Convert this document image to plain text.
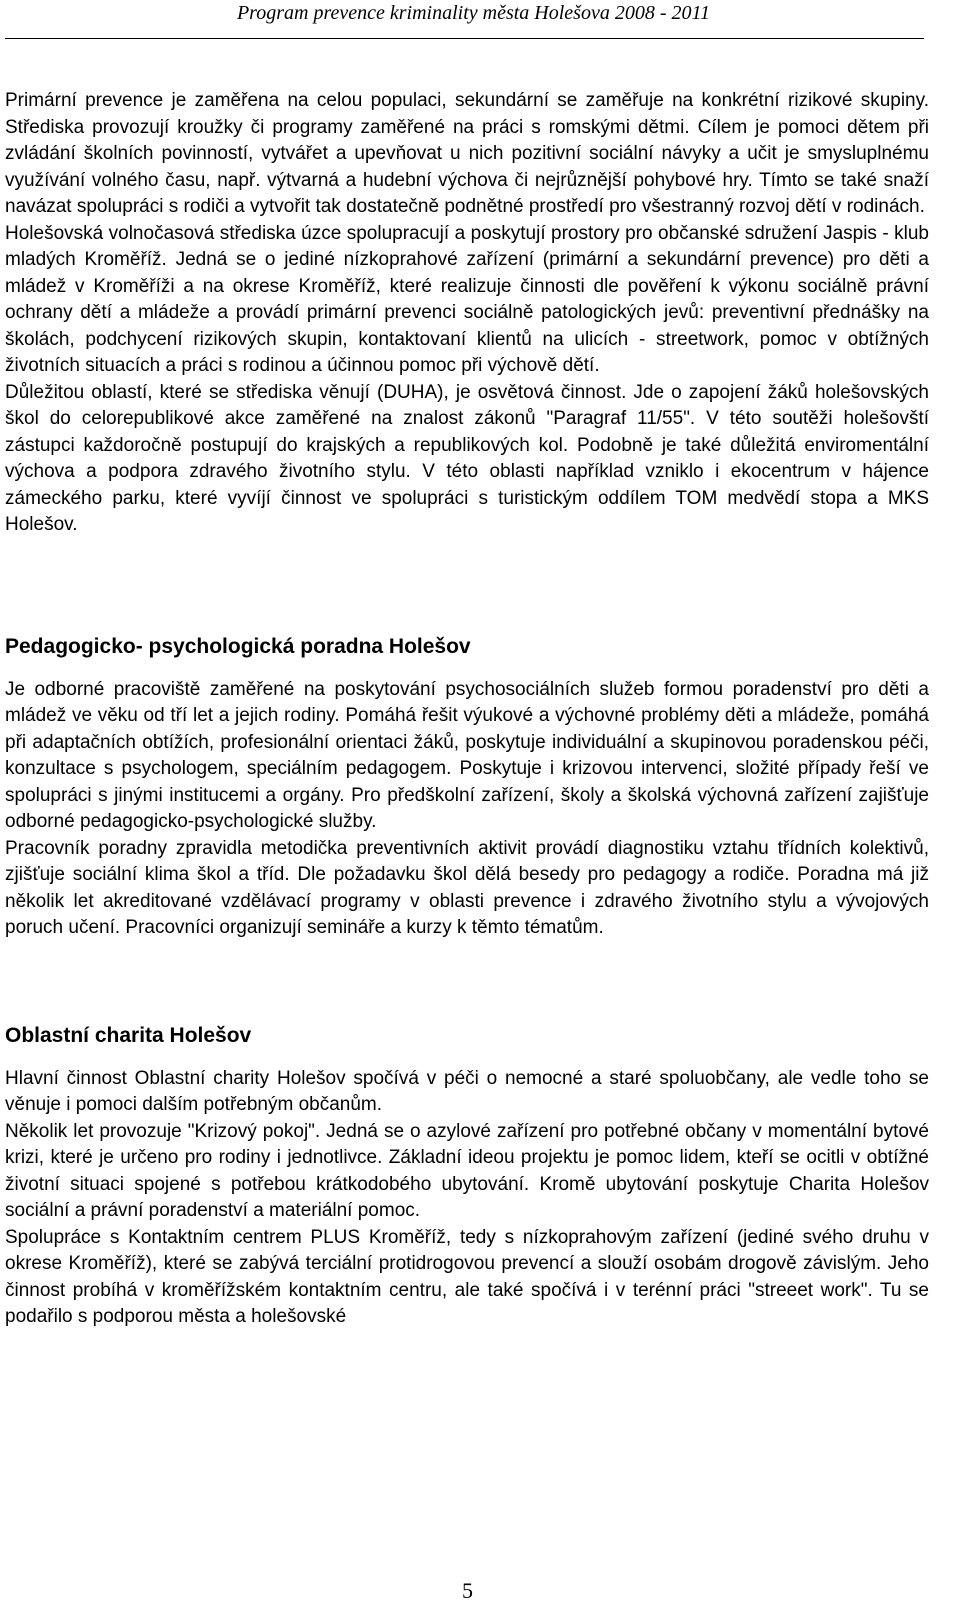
Program prevence kriminality města Holešova 2008 - 2011

Primární prevence je zaměřena na celou populaci, sekundární se zaměřuje na konkrétní rizikové skupiny. Střediska provozují kroužky či programy zaměřené na práci s romskými dětmi. Cílem je pomoci dětem při zvládání školních povinností, vytvářet a upevňovat u nich pozitivní sociální návyky a učit je smysluplnému využívání volného času, např. výtvarná a hudební výchova či nejrůznější pohybové hry. Tímto se také snaží navázat spolupráci s rodiči a vytvořit tak dostatečně podnětné prostředí pro všestranný rozvoj dětí v rodinách.

Holešovská volnočasová střediska úzce spolupracují a poskytují prostory pro občanské sdružení Jaspis - klub mladých Kroměříž. Jedná se o jediné nízkoprahové zařízení (primární a sekundární prevence) pro děti a mládež v Kroměříži a na okrese Kroměříž, které realizuje činnosti dle pověření k výkonu sociálně právní ochrany dětí a mládeže a provádí primární prevenci sociálně patologických jevů: preventivní přednášky na školách, podchycení rizikových skupin, kontaktovaní klientů na ulicích - streetwork, pomoc v obtížných životních situacích a práci s rodinou a účinnou pomoc při výchově dětí.

Důležitou oblastí, které se střediska věnují (DUHA), je osvětová činnost. Jde o zapojení žáků holešovských škol do celorepublikové akce zaměřené na znalost zákonů "Paragraf 11/55". V této soutěži holešovští zástupci každoročně postupují do krajských a republikových kol. Podobně je také důležitá enviromentální výchova a podpora zdravého životního stylu. V této oblasti například vzniklo i ekocentrum v hájence zámeckého parku, které vyvíjí činnost ve spolupráci s turistickým oddílem TOM medvědí stopa a MKS Holešov.

Pedagogicko- psychologická poradna Holešov

Je odborné pracoviště zaměřené na poskytování psychosociálních služeb formou poradenství pro děti a mládež ve věku od tří let a jejich rodiny. Pomáhá řešit výukové a výchovné problémy děti a mládeže, pomáhá při adaptačních obtížích, profesionální orientaci žáků, poskytuje individuální a skupinovou poradenskou péči, konzultace s psychologem, speciálním pedagogem. Poskytuje i krizovou intervenci, složité případy řeší ve spolupráci s jinými institucemi a orgány. Pro předškolní zařízení, školy a školská výchovná zařízení zajišťuje odborné pedagogicko-psychologické služby.

Pracovník poradny zpravidla metodička preventivních aktivit provádí diagnostiku vztahu třídních kolektivů, zjišťuje sociální klima škol a tříd. Dle požadavku škol dělá besedy pro pedagogy a rodiče. Poradna má již několik let akreditované vzdělávací programy v oblasti prevence i zdravého životního stylu a vývojových poruch učení. Pracovníci organizují semináře a kurzy k těmto tématům.

Oblastní charita Holešov

Hlavní činnost Oblastní charity Holešov spočívá v péči o nemocné a staré spoluobčany, ale vedle toho se věnuje i pomoci dalším potřebným občanům.

Několik let provozuje "Krizový pokoj". Jedná se o azylové zařízení pro potřebné občany v momentální bytové krizi, které je určeno pro rodiny i jednotlivce. Základní ideou projektu je pomoc lidem, kteří se ocitli v obtížné životní situaci spojené s potřebou krátkodobého ubytování. Kromě ubytování poskytuje Charita Holešov sociální a právní poradenství a materiální pomoc.

Spolupráce s Kontaktním centrem PLUS Kroměříž, tedy s nízkoprahovým zařízení (jediné svého druhu v okrese Kroměříž), které se zabývá terciální protidrogovou prevencí a slouží osobám drogově závislým. Jeho činnost probíhá v kroměřížském kontaktním centru, ale také spočívá i v terénní práci "streeet work". Tu se podařilo s podporou města a holešovské

5
